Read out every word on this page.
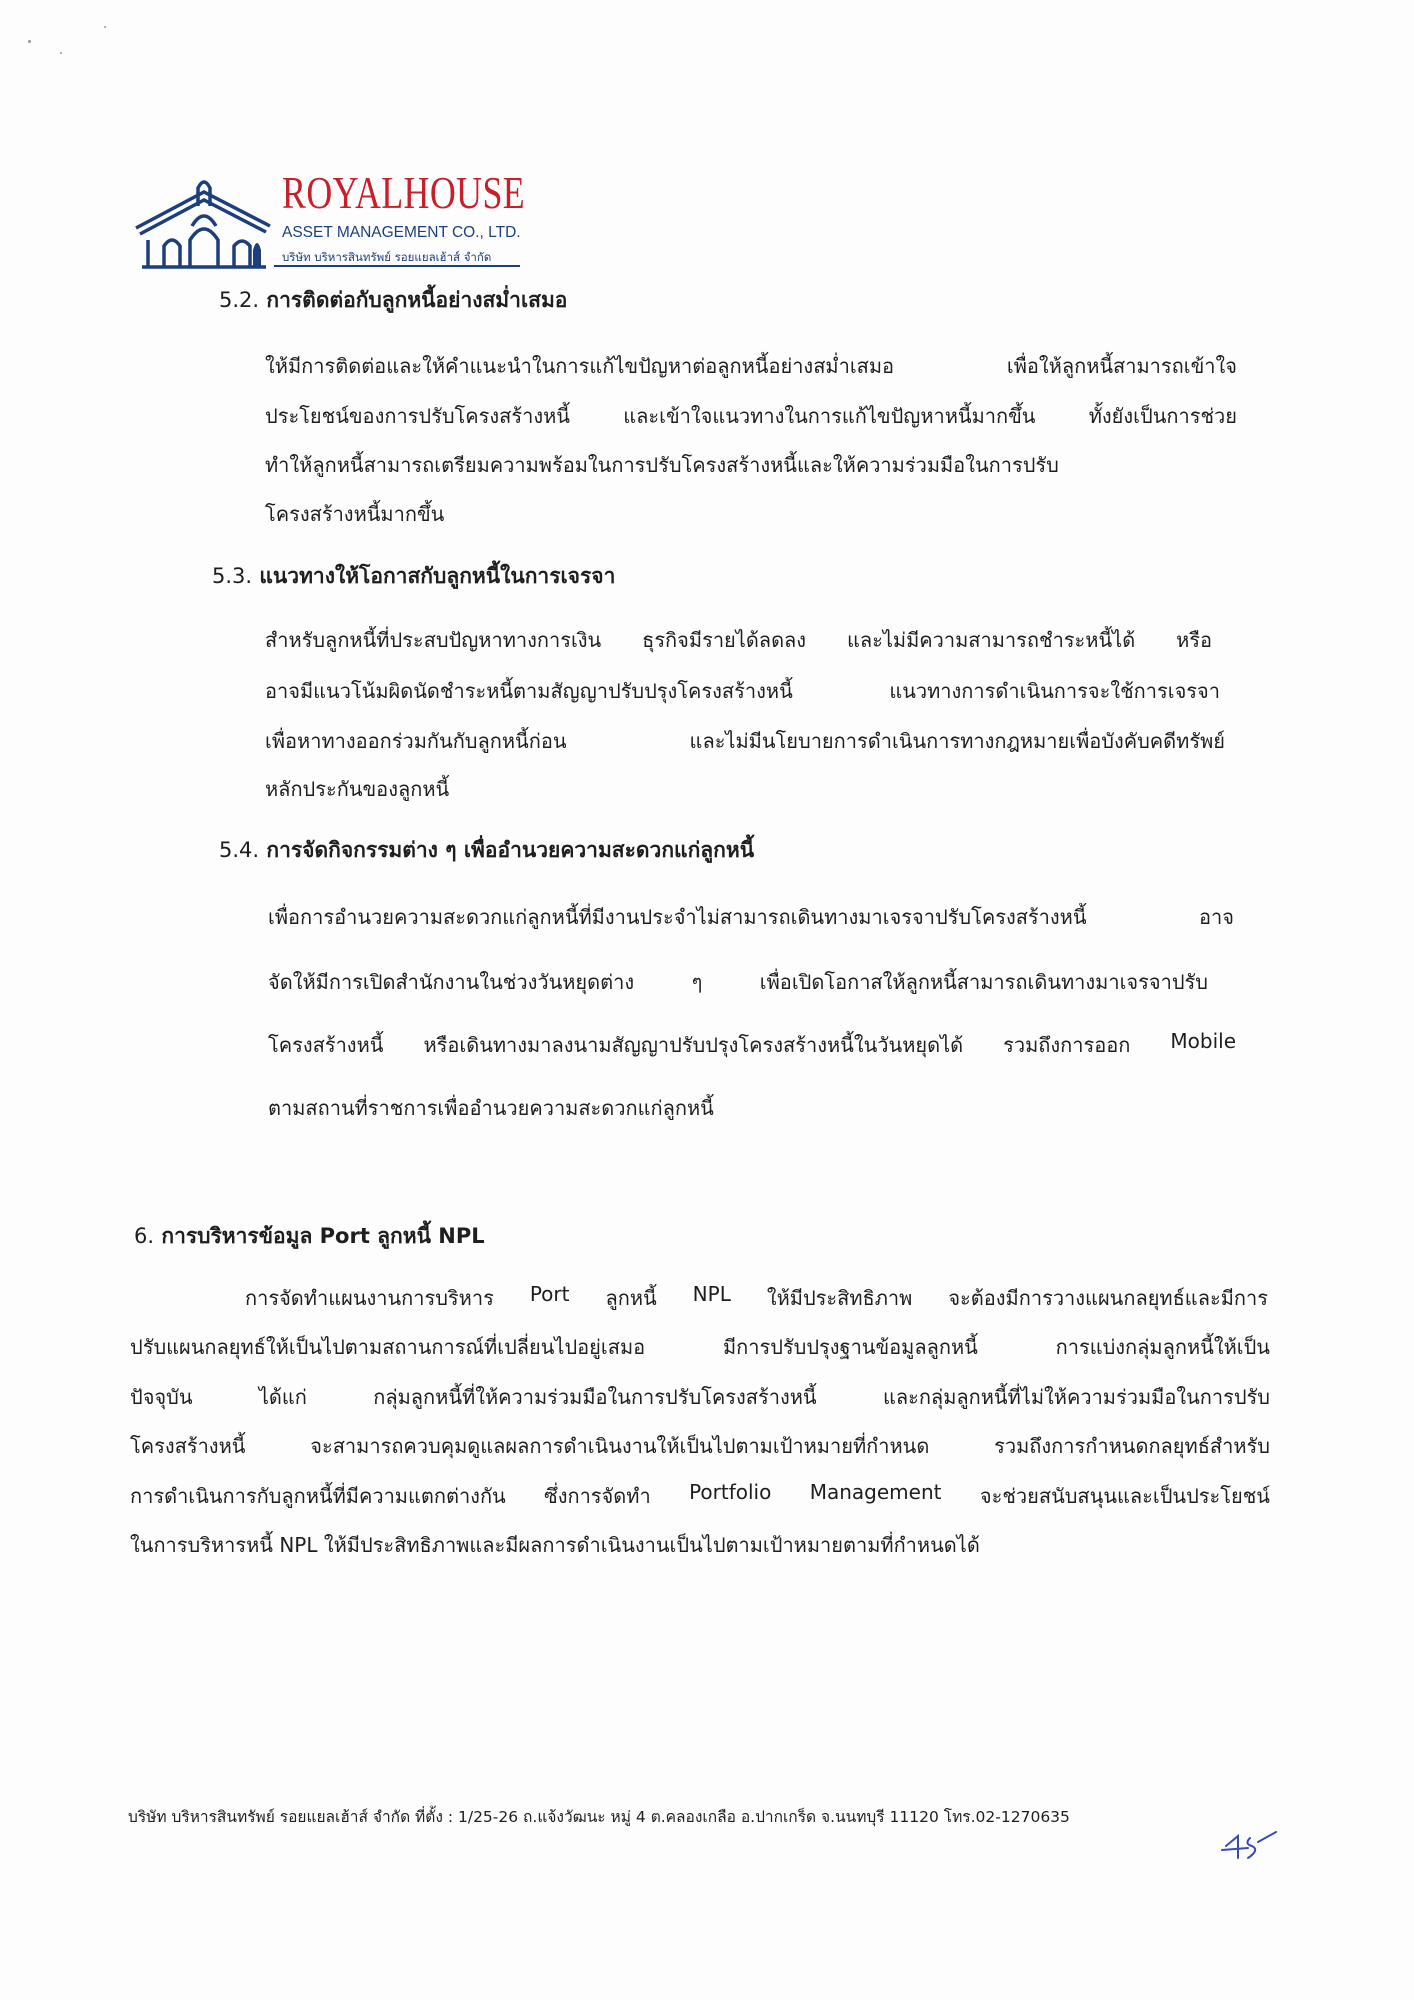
ROYALHOUSE
ASSET MANAGEMENT CO., LTD.
บริษัท บริหารสินทรัพย์ รอยแยลเฮ้าส์ จำกัด
5.2. การติดต่อกับลูกหนี้อย่างสม่ำเสมอ
ให้มีการติดต่อและให้คำแนะนำในการแก้ไขปัญหาต่อลูกหนี้อย่างสม่ำเสมอ	เพื่อให้ลูกหนี้สามารถเข้าใจ
ประโยชน์ของการปรับโครงสร้างหนี้	และเข้าใจแนวทางในการแก้ไขปัญหาหนี้มากขึ้น	ทั้งยังเป็นการช่วย
ทำให้ลูกหนี้สามารถเตรียมความพร้อมในการปรับโครงสร้างหนี้และให้ความร่วมมือในการปรับ
โครงสร้างหนี้มากขึ้น
5.3. แนวทางให้โอกาสกับลูกหนี้ในการเจรจา
สำหรับลูกหนี้ที่ประสบปัญหาทางการเงิน ธุรกิจมีรายได้ลดลง และไม่มีความสามารถชำระหนี้ได้ หรือ
อาจมีแนวโน้มผิดนัดชำระหนี้ตามสัญญาปรับปรุงโครงสร้างหนี้	แนวทางการดำเนินการจะใช้การเจรจา
เพื่อหาทางออกร่วมกันกับลูกหนี้ก่อน	และไม่มีนโยบายการดำเนินการทางกฎหมายเพื่อบังคับคดีทรัพย์
หลักประกันของลูกหนี้
5.4. การจัดกิจกรรมต่าง ๆ เพื่ออำนวยความสะดวกแก่ลูกหนี้
เพื่อการอำนวยความสะดวกแก่ลูกหนี้ที่มีงานประจำไม่สามารถเดินทางมาเจรจาปรับโครงสร้างหนี้	อาจ
จัดให้มีการเปิดสำนักงานในช่วงวันหยุดต่าง	ๆ	เพื่อเปิดโอกาสให้ลูกหนี้สามารถเดินทางมาเจรจาปรับ
โครงสร้างหนี้ หรือเดินทางมาลงนามสัญญาปรับปรุงโครงสร้างหนี้ในวันหยุดได้ รวมถึงการออก Mobile
ตามสถานที่ราชการเพื่ออำนวยความสะดวกแก่ลูกหนี้
6. การบริหารข้อมูล Port ลูกหนี้ NPL
การจัดทำแผนงานการบริหาร Port ลูกหนี้ NPL ให้มีประสิทธิภาพ จะต้องมีการวางแผนกลยุทธ์และมีการ
ปรับแผนกลยุทธ์ให้เป็นไปตามสถานการณ์ที่เปลี่ยนไปอยู่เสมอ	มีการปรับปรุงฐานข้อมูลลูกหนี้	การแบ่งกลุ่มลูกหนี้ให้เป็น
ปัจจุบัน	ได้แก่	กลุ่มลูกหนี้ที่ให้ความร่วมมือในการปรับโครงสร้างหนี้	และกลุ่มลูกหนี้ที่ไม่ให้ความร่วมมือในการปรับ
โครงสร้างหนี้	จะสามารถควบคุมดูแลผลการดำเนินงานให้เป็นไปตามเป้าหมายที่กำหนด	รวมถึงการกำหนดกลยุทธ์สำหรับ
การดำเนินการกับลูกหนี้ที่มีความแตกต่างกัน ซึ่งการจัดทำ Portfolio Management จะช่วยสนับสนุนและเป็นประโยชน์
ในการบริหารหนี้ NPL ให้มีประสิทธิภาพและมีผลการดำเนินงานเป็นไปตามเป้าหมายตามที่กำหนดได้
บริษัท บริหารสินทรัพย์ รอยแยลเฮ้าส์ จำกัด ที่ตั้ง : 1/25-26 ถ.แจ้งวัฒนะ หมู่ 4 ต.คลองเกลือ อ.ปากเกร็ด จ.นนทบุรี 11120 โทร.02-1270635
